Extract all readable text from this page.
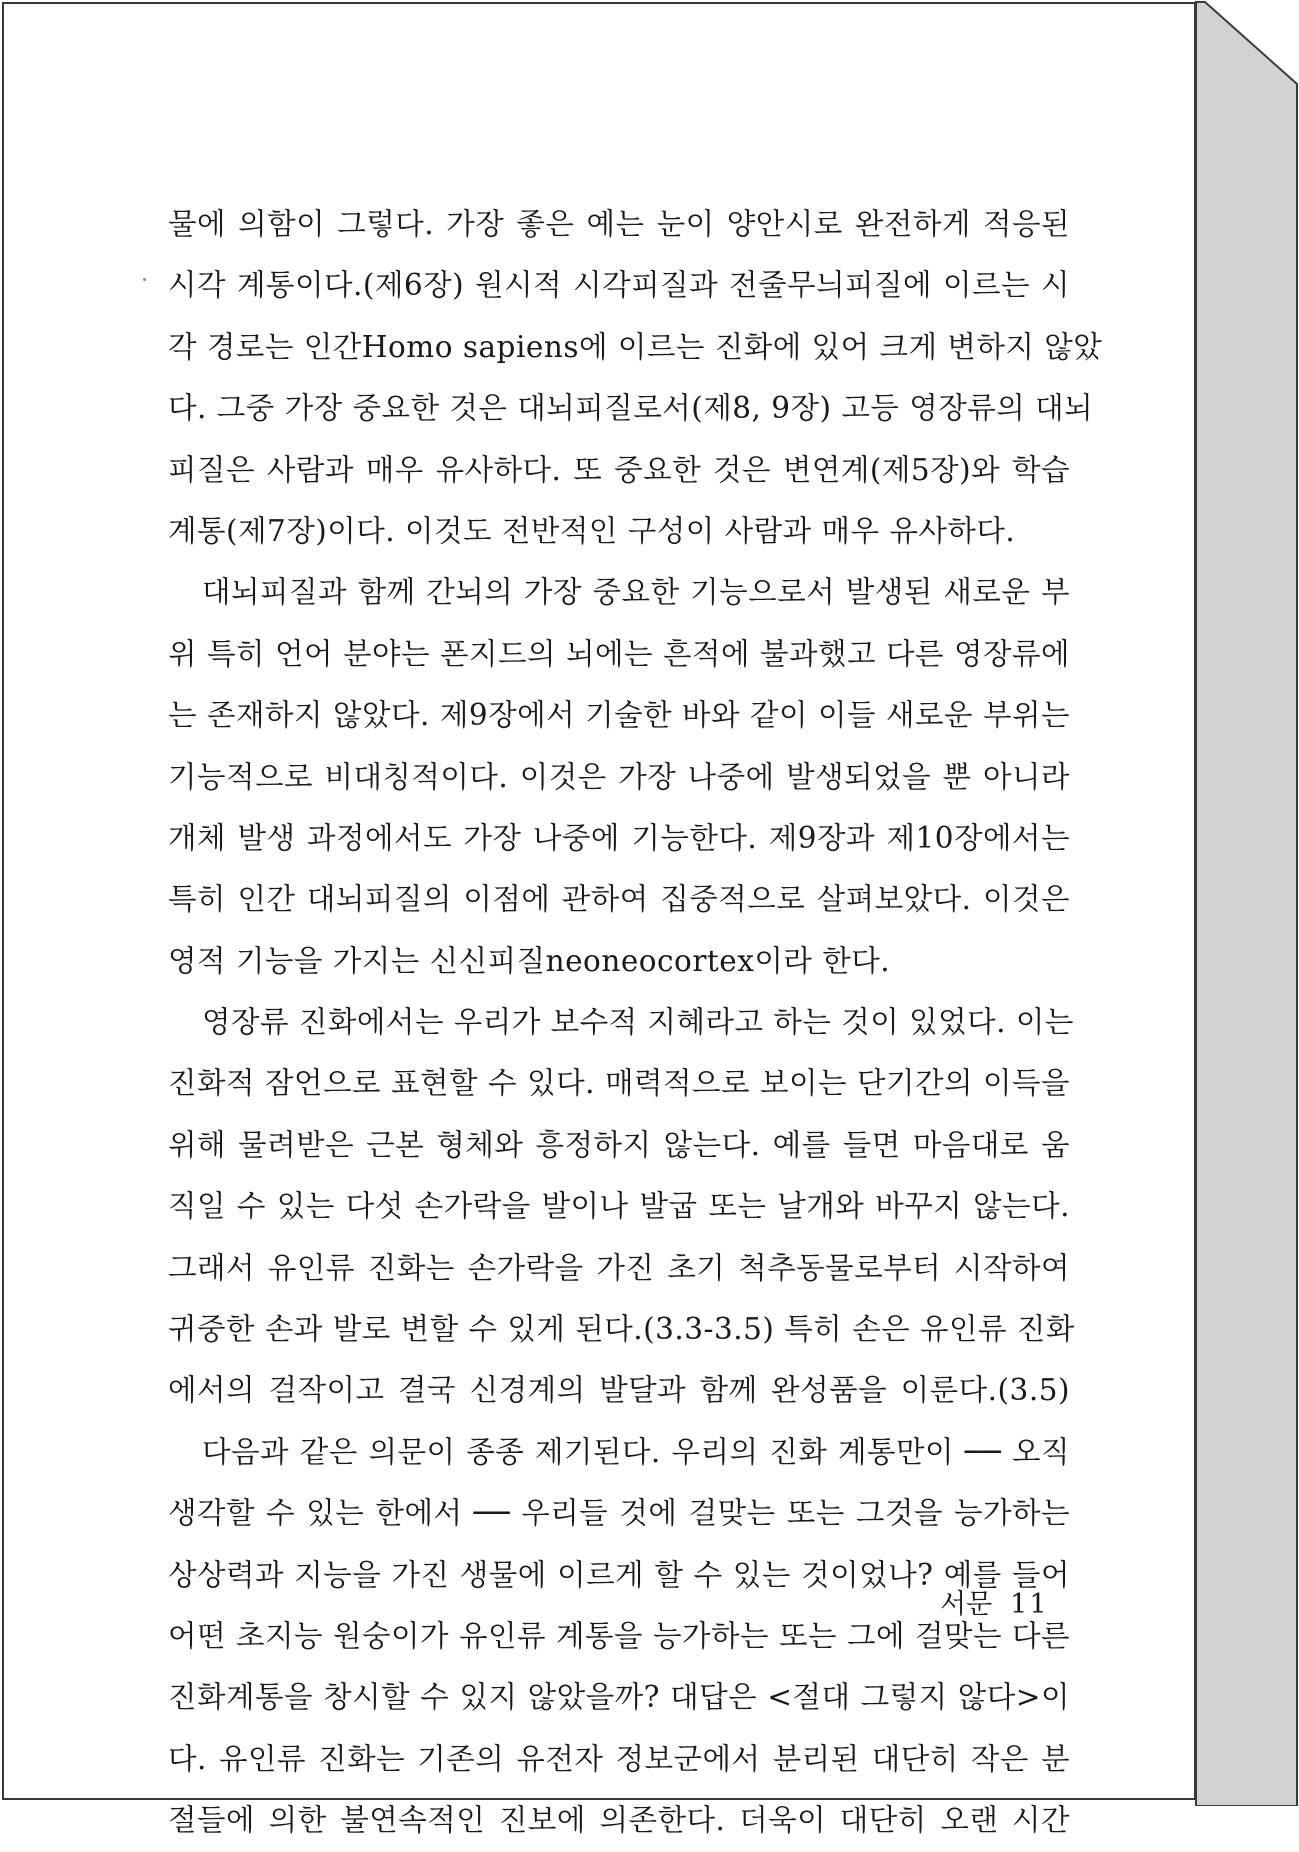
물에 의함이 그렇다. 가장 좋은 예는 눈이 양안시로 완전하게 적응된
시각 계통이다.(제6장) 원시적 시각피질과 전줄무늬피질에 이르는 시
각 경로는 인간Homo sapiens에 이르는 진화에 있어 크게 변하지 않았
다. 그중 가장 중요한 것은 대뇌피질로서(제8, 9장) 고등 영장류의 대뇌
피질은 사람과 매우 유사하다. 또 중요한 것은 변연계(제5장)와 학습
계통(제7장)이다. 이것도 전반적인 구성이 사람과 매우 유사하다.
대뇌피질과 함께 간뇌의 가장 중요한 기능으로서 발생된 새로운 부
위 특히 언어 분야는 폰지드의 뇌에는 흔적에 불과했고 다른 영장류에
는 존재하지 않았다. 제9장에서 기술한 바와 같이 이들 새로운 부위는
기능적으로 비대칭적이다. 이것은 가장 나중에 발생되었을 뿐 아니라
개체 발생 과정에서도 가장 나중에 기능한다. 제9장과 제10장에서는
특히 인간 대뇌피질의 이점에 관하여 집중적으로 살펴보았다. 이것은
영적 기능을 가지는 신신피질neoneocortex이라 한다.
영장류 진화에서는 우리가 보수적 지혜라고 하는 것이 있었다. 이는
진화적 잠언으로 표현할 수 있다. 매력적으로 보이는 단기간의 이득을
위해 물려받은 근본 형체와 흥정하지 않는다. 예를 들면 마음대로 움
직일 수 있는 다섯 손가락을 발이나 발굽 또는 날개와 바꾸지 않는다.
그래서 유인류 진화는 손가락을 가진 초기 척추동물로부터 시작하여
귀중한 손과 발로 변할 수 있게 된다.(3.3-3.5) 특히 손은 유인류 진화
에서의 걸작이고 결국 신경계의 발달과 함께 완성품을 이룬다.(3.5)
다음과 같은 의문이 종종 제기된다. 우리의 진화 계통만이 ── 오직
생각할 수 있는 한에서 ── 우리들 것에 걸맞는 또는 그것을 능가하는
상상력과 지능을 가진 생물에 이르게 할 수 있는 것이었나? 예를 들어
어떤 초지능 원숭이가 유인류 계통을 능가하는 또는 그에 걸맞는 다른
진화계통을 창시할 수 있지 않았을까? 대답은 <절대 그렇지 않다>이
다. 유인류 진화는 기존의 유전자 정보군에서 분리된 대단히 작은 분
절들에 의한 불연속적인 진보에 의존한다. 더욱이 대단히 오랜 시간
서문 11
